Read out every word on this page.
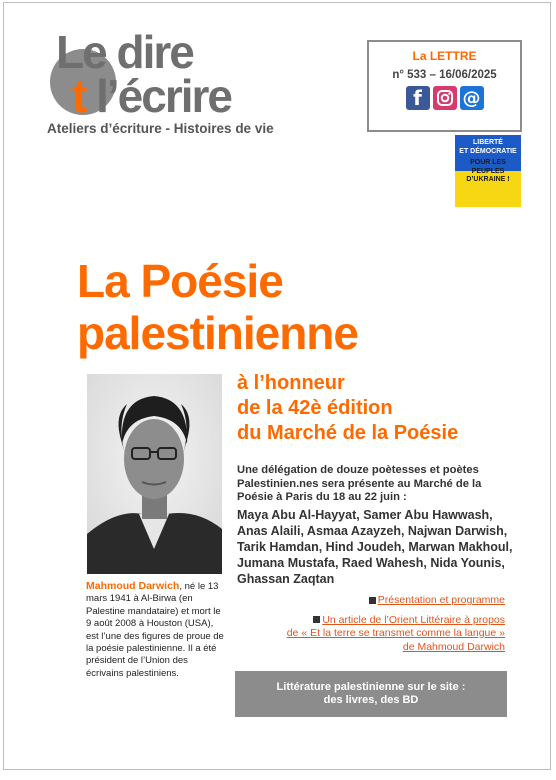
Le dire
t l’écrire
Ateliers d’écriture - Histoires de vie
La LETTRE
n° 533 – 16/06/2025
f	@
LIBERTÉ
ET DÉMOCRATIE
POUR LES PEUPLES
D’UKRAINE !
La Poésie
palestinienne
à l’honneur
de la 42è édition
du Marché de la Poésie
Mahmoud Darwich, né le 13 mars 1941 à Al-Birwa (en Palestine mandataire) et mort le 9 août 2008 à Houston (USA), est l’une des figures de proue de la poésie palestinienne. Il a été président de l’Union des écrivains palestiniens.
Une délégation de douze poètesses et poètes Palestinien.nes sera présente au Marché de la Poésie à Paris du 18 au 22 juin :
Maya Abu Al-Hayyat, Samer Abu Hawwash, Anas Alaili, Asmaa Azayzeh, Najwan Darwish, Tarik Hamdan, Hind Joudeh, Marwan Makhoul, Jumana Mustafa, Raed Wahesh, Nida Younis, Ghassan Zaqtan
Présentation et programme
Un article de l’Orient Littéraire à propos
de « Et la terre se transmet comme la langue »
de Mahmoud Darwich
Littérature palestinienne sur le site :
des livres, des BD
